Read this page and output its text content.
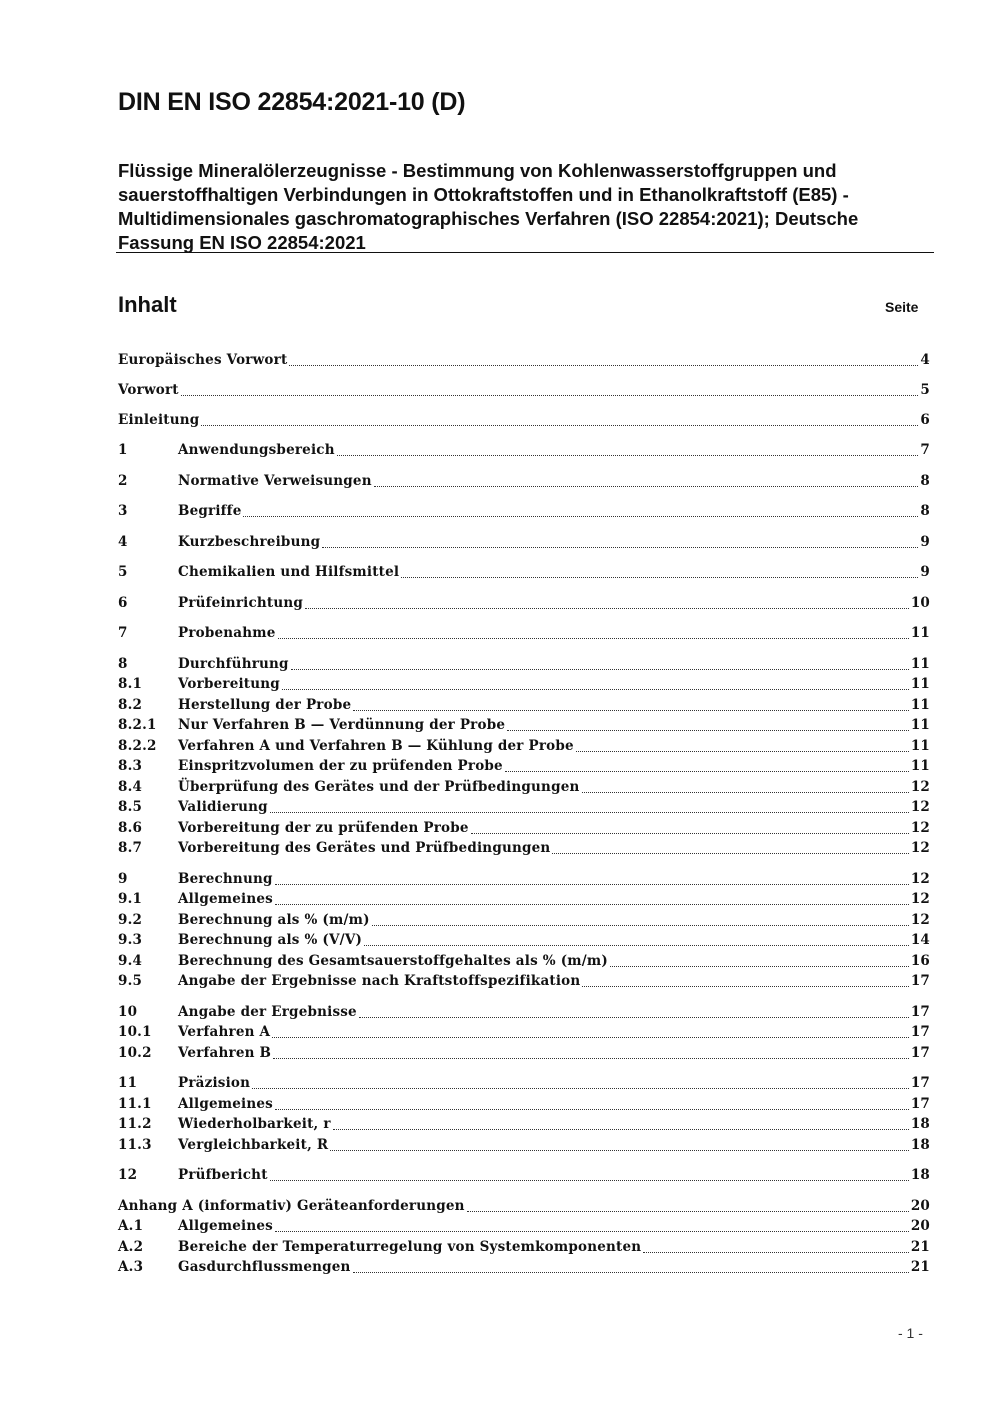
DIN EN ISO 22854:2021-10 (D)

Flüssige Mineralölerzeugnisse - Bestimmung von Kohlenwasserstoffgruppen und sauerstoffhaltigen Verbindungen in Ottokraftstoffen und in Ethanolkraftstoff (E85) - Multidimensionales gaschromatographisches Verfahren (ISO 22854:2021); Deutsche Fassung EN ISO 22854:2021

Inhalt	Seite
Europäisches Vorwort	4
Vorwort	5
Einleitung	6
1	Anwendungsbereich	7
2	Normative Verweisungen	8
3	Begriffe	8
4	Kurzbeschreibung	9
5	Chemikalien und Hilfsmittel	9
6	Prüfeinrichtung	10
7	Probenahme	11
8	Durchführung	11
8.1	Vorbereitung	11
8.2	Herstellung der Probe	11
8.2.1	Nur Verfahren B — Verdünnung der Probe	11
8.2.2	Verfahren A und Verfahren B — Kühlung der Probe	11
8.3	Einspritzvolumen der zu prüfenden Probe	11
8.4	Überprüfung des Gerätes und der Prüfbedingungen	12
8.5	Validierung	12
8.6	Vorbereitung der zu prüfenden Probe	12
8.7	Vorbereitung des Gerätes und Prüfbedingungen	12
9	Berechnung	12
9.1	Allgemeines	12
9.2	Berechnung als % (m/m)	12
9.3	Berechnung als % (V/V)	14
9.4	Berechnung des Gesamtsauerstoffgehaltes als % (m/m)	16
9.5	Angabe der Ergebnisse nach Kraftstoffspezifikation	17
10	Angabe der Ergebnisse	17
10.1	Verfahren A	17
10.2	Verfahren B	17
11	Präzision	17
11.1	Allgemeines	17
11.2	Wiederholbarkeit, r	18
11.3	Vergleichbarkeit, R	18
12	Prüfbericht	18
Anhang A (informativ) Geräteanforderungen	20
A.1	Allgemeines	20
A.2	Bereiche der Temperaturregelung von Systemkomponenten	21
A.3	Gasdurchflussmengen	21
- 1 -
